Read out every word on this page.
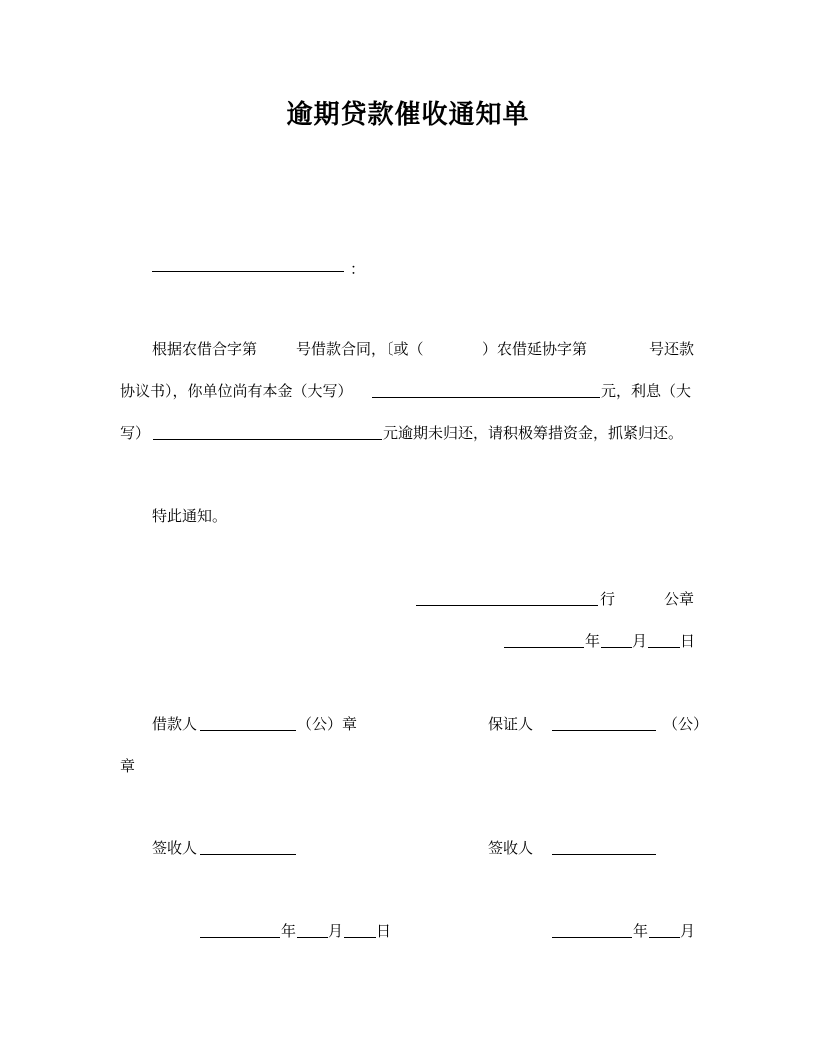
逾期贷款催收通知单
：
根据农借合字第	号借款合同，〔或（	）农借延协字第	号还款
协议书），你单位尚有本金（大写）	元，利息（大
写）	元逾期未归还，请积极筹措资金，抓紧归还。
特此通知。
行	公章
年 月 日
借款人	（公）章	保证人	（公）
章
签收人	签收人
年 月 日	年 月
